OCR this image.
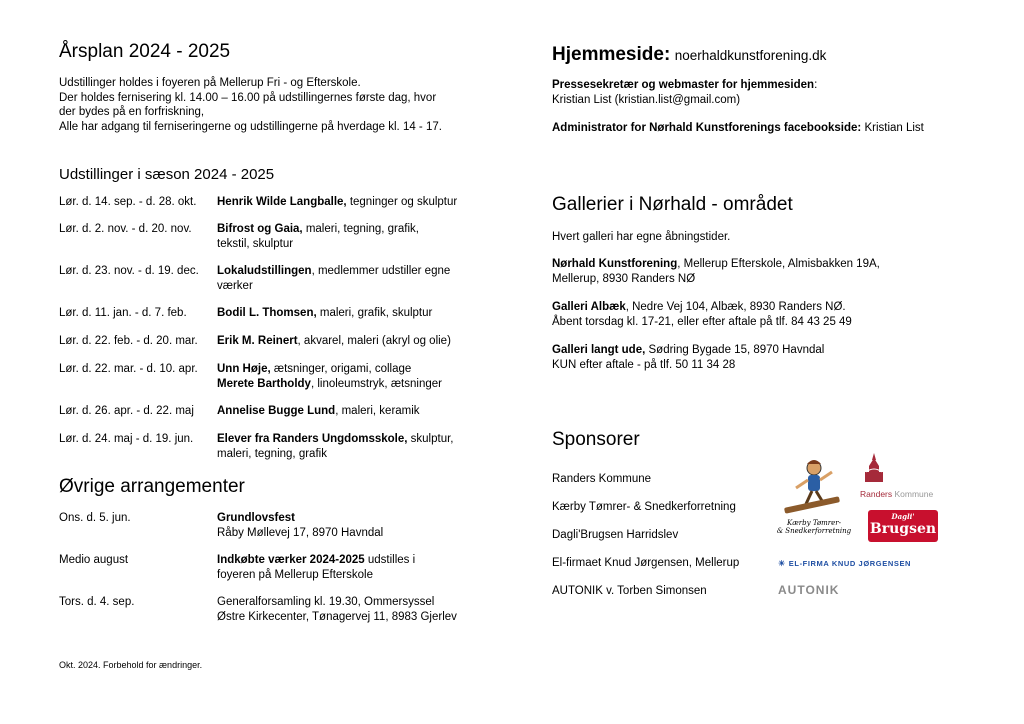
Årsplan 2024 - 2025
Udstillinger holdes i foyeren på Mellerup Fri - og Efterskole.
Der holdes fernisering kl. 14.00 – 16.00 på udstillingernes første dag, hvor
der bydes på en forfriskning,
Alle har adgang til ferniseringerne og udstillingerne på hverdage kl. 14 - 17.
Udstillinger i sæson 2024 - 2025
Lør. d. 14. sep. - d. 28. okt.	Henrik Wilde Langballe, tegninger og skulptur
Lør. d. 2. nov. - d. 20. nov.	Bifrost og Gaia, maleri, tegning, grafik, tekstil, skulptur
Lør. d. 23. nov. - d. 19. dec.	Lokaludstillingen, medlemmer udstiller egne værker
Lør. d. 11. jan. - d. 7. feb.	Bodil L. Thomsen, maleri, grafik, skulptur
Lør. d. 22. feb. - d. 20. mar.	Erik M. Reinert, akvarel, maleri (akryl og olie)
Lør. d. 22. mar. - d. 10. apr.	Unn Høje, ætsninger, origami, collage
Merete Bartholdy, linoleumstryk, ætsninger
Lør. d. 26. apr. - d. 22. maj	Annelise Bugge Lund, maleri, keramik
Lør. d. 24. maj - d. 19. jun.	Elever fra Randers Ungdomsskole, skulptur, maleri, tegning, grafik
Øvrige arrangementer
Ons. d. 5. jun.	Grundlovsfest
Råby Møllevej 17, 8970 Havndal
Medio august	Indkøbte værker 2024-2025 udstilles i
foyeren på Mellerup Efterskole
Tors. d. 4. sep.	Generalforsamling kl. 19.30, Ommersyssel
Østre Kirkecenter, Tønagervej 11, 8983 Gjerlev
Okt. 2024. Forbehold for ændringer.
Hjemmeside: noerhaldkunstforening.dk
Pressesekretær og webmaster for hjemmesiden:
Kristian List (kristian.list@gmail.com)
Administrator for Nørhald Kunstforenings facebookside: Kristian List
Gallerier i Nørhald - området
Hvert galleri har egne åbningstider.
Nørhald Kunstforening, Mellerup Efterskole, Almisbakken 19A,
Mellerup, 8930 Randers NØ
Galleri Albæk, Nedre Vej 104, Albæk, 8930 Randers NØ.
Åbent torsdag kl. 17-21, eller efter aftale på tlf. 84 43 25 49
Galleri langt ude, Sødring Bygade 15, 8970 Havndal
KUN efter aftale - på tlf. 50 11 34 28
Sponsorer
Randers Kommune
Kærby Tømrer- & Snedkerforretning
Dagli'Brugsen Harridslev
El-firmaet Knud Jørgensen, Mellerup
AUTONIK v. Torben Simonsen
Kærby Tømrer-
& Snedkerforretning
Randers Kommune
Dagli'
Brugsen
☀ EL-FIRMA KNUD JØRGENSEN
AUTONIK
